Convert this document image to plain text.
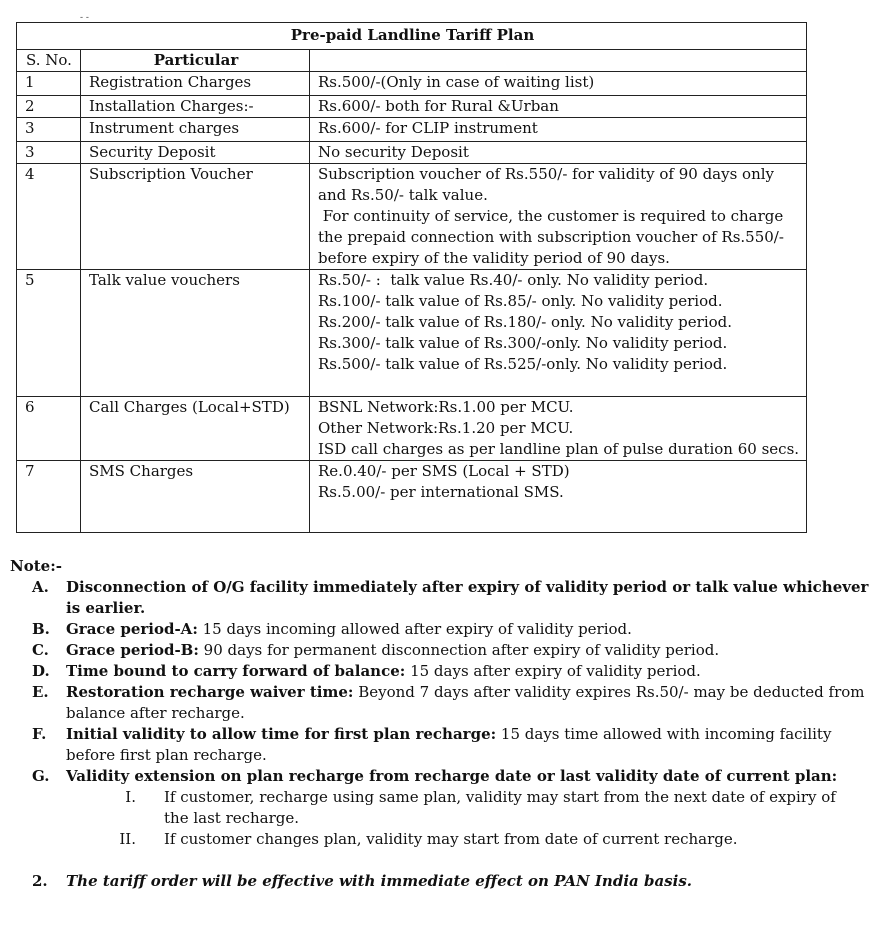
- -
Pre-paid Landline Tariff Plan		
S. No.	Particular	
1	Registration Charges	Rs.500/-(Only in case of waiting list)

2	Installation Charges:-	Rs.600/- both for Rural &Urban

3	Instrument charges	Rs.600/- for CLIP instrument

3	Security Deposit	No security Deposit

4	Subscription Voucher	Subscription voucher of Rs.550/- for validity of 90 days only
and Rs.50/- talk value.
For continuity of service, the customer is required to charge
the prepaid connection with subscription voucher of Rs.550/-
before expiry of the validity period of 90 days.

5	Talk value vouchers	Rs.50/- :  talk value Rs.40/- only. No validity period.
Rs.100/- talk value of Rs.85/- only. No validity period.
Rs.200/- talk value of Rs.180/- only. No validity period.
Rs.300/- talk value of Rs.300/-only. No validity period.
Rs.500/- talk value of Rs.525/-only. No validity period.

6	Call Charges (Local+STD)	BSNL Network:Rs.1.00 per MCU.
Other Network:Rs.1.20 per MCU.
ISD call charges as per landline plan of pulse duration 60 secs.

7	SMS Charges	Re.0.40/- per SMS (Local + STD)
Rs.5.00/- per international SMS.
Note:-
A.	Disconnection of O/G facility immediately after expiry of validity period or talk value whichever is earlier.
B.	Grace period-A: 15 days incoming allowed after expiry of validity period.
C.	Grace period-B: 90 days for permanent disconnection after expiry of validity period.
D.	Time bound to carry forward of balance: 15 days after expiry of validity period.
E.	Restoration recharge waiver time: Beyond 7 days after validity expires Rs.50/- may be deducted from balance after recharge.
F.	Initial validity to allow time for first plan recharge: 15 days time allowed with incoming facility before first plan recharge.
G.	Validity extension on plan recharge from recharge date or last validity date of current plan:
I.	If customer, recharge using same plan, validity may start from the next date of expiry of the last recharge.
II.	If customer changes plan, validity may start from date of current recharge.
2. The tariff order will be effective with immediate effect on PAN India basis.
